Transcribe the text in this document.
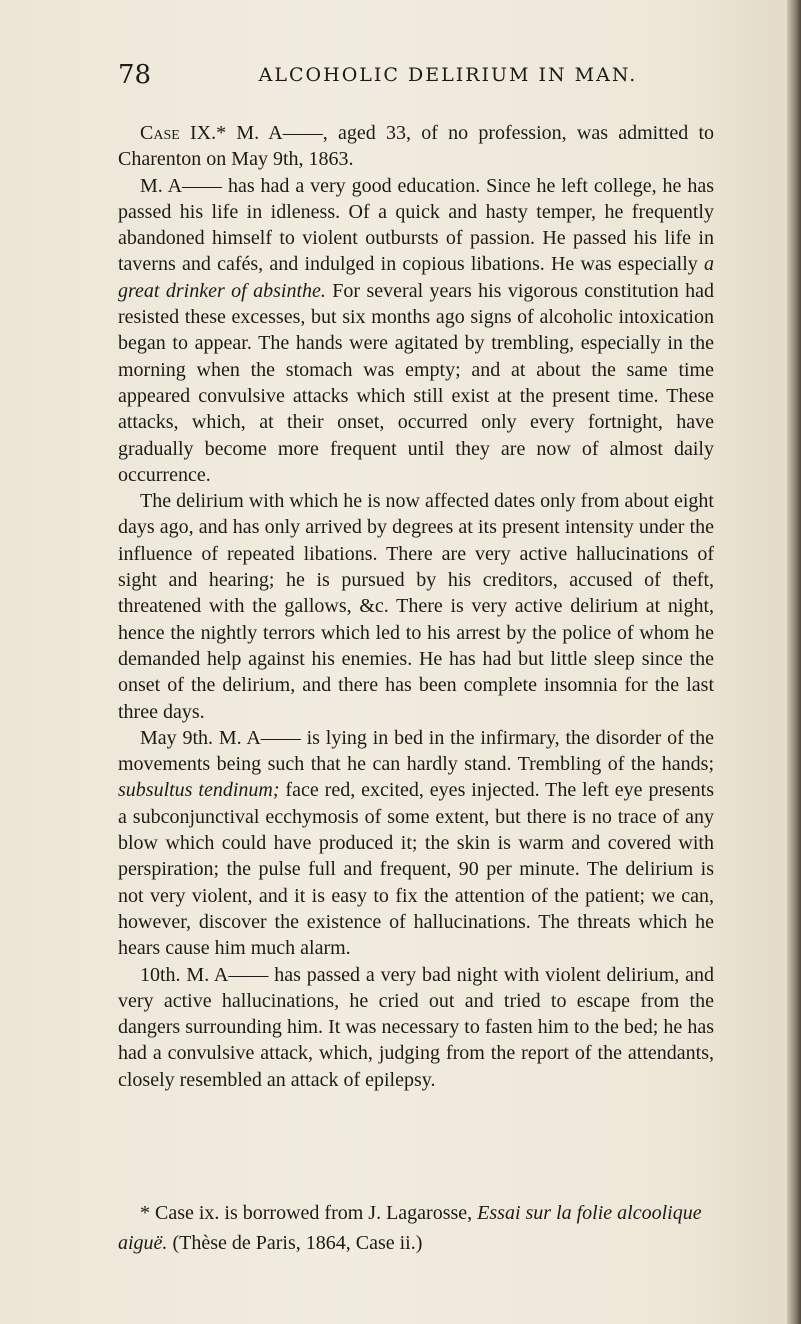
78	ALCOHOLIC DELIRIUM IN MAN.

Case IX.* M. A——, aged 33, of no profession, was admitted to Charenton on May 9th, 1863.

M. A—— has had a very good education. Since he left college, he has passed his life in idleness. Of a quick and hasty temper, he frequently abandoned himself to violent outbursts of passion. He passed his life in taverns and cafés, and indulged in copious libations. He was especially a great drinker of absinthe. For several years his vigorous constitution had resisted these excesses, but six months ago signs of alcoholic intoxication began to appear. The hands were agitated by trembling, especially in the morning when the stomach was empty; and at about the same time appeared convulsive attacks which still exist at the present time. These attacks, which, at their onset, occurred only every fortnight, have gradually become more frequent until they are now of almost daily occurrence.

The delirium with which he is now affected dates only from about eight days ago, and has only arrived by degrees at its present intensity under the influence of repeated libations. There are very active hallucinations of sight and hearing; he is pursued by his creditors, accused of theft, threatened with the gallows, &c. There is very active delirium at night, hence the nightly terrors which led to his arrest by the police of whom he demanded help against his enemies. He has had but little sleep since the onset of the delirium, and there has been complete insomnia for the last three days.

May 9th. M. A—— is lying in bed in the infirmary, the disorder of the movements being such that he can hardly stand. Trembling of the hands; subsultus tendinum; face red, excited, eyes injected. The left eye presents a subconjunctival ecchymosis of some extent, but there is no trace of any blow which could have produced it; the skin is warm and covered with perspiration; the pulse full and frequent, 90 per minute. The delirium is not very violent, and it is easy to fix the attention of the patient; we can, however, discover the existence of hallucinations. The threats which he hears cause him much alarm.

10th. M. A—— has passed a very bad night with violent delirium, and very active hallucinations, he cried out and tried to escape from the dangers surrounding him. It was necessary to fasten him to the bed; he has had a convulsive attack, which, judging from the report of the attendants, closely resembled an attack of epilepsy.

* Case ix. is borrowed from J. Lagarosse, Essai sur la folie alcoolique aiguë. (Thèse de Paris, 1864, Case ii.)
